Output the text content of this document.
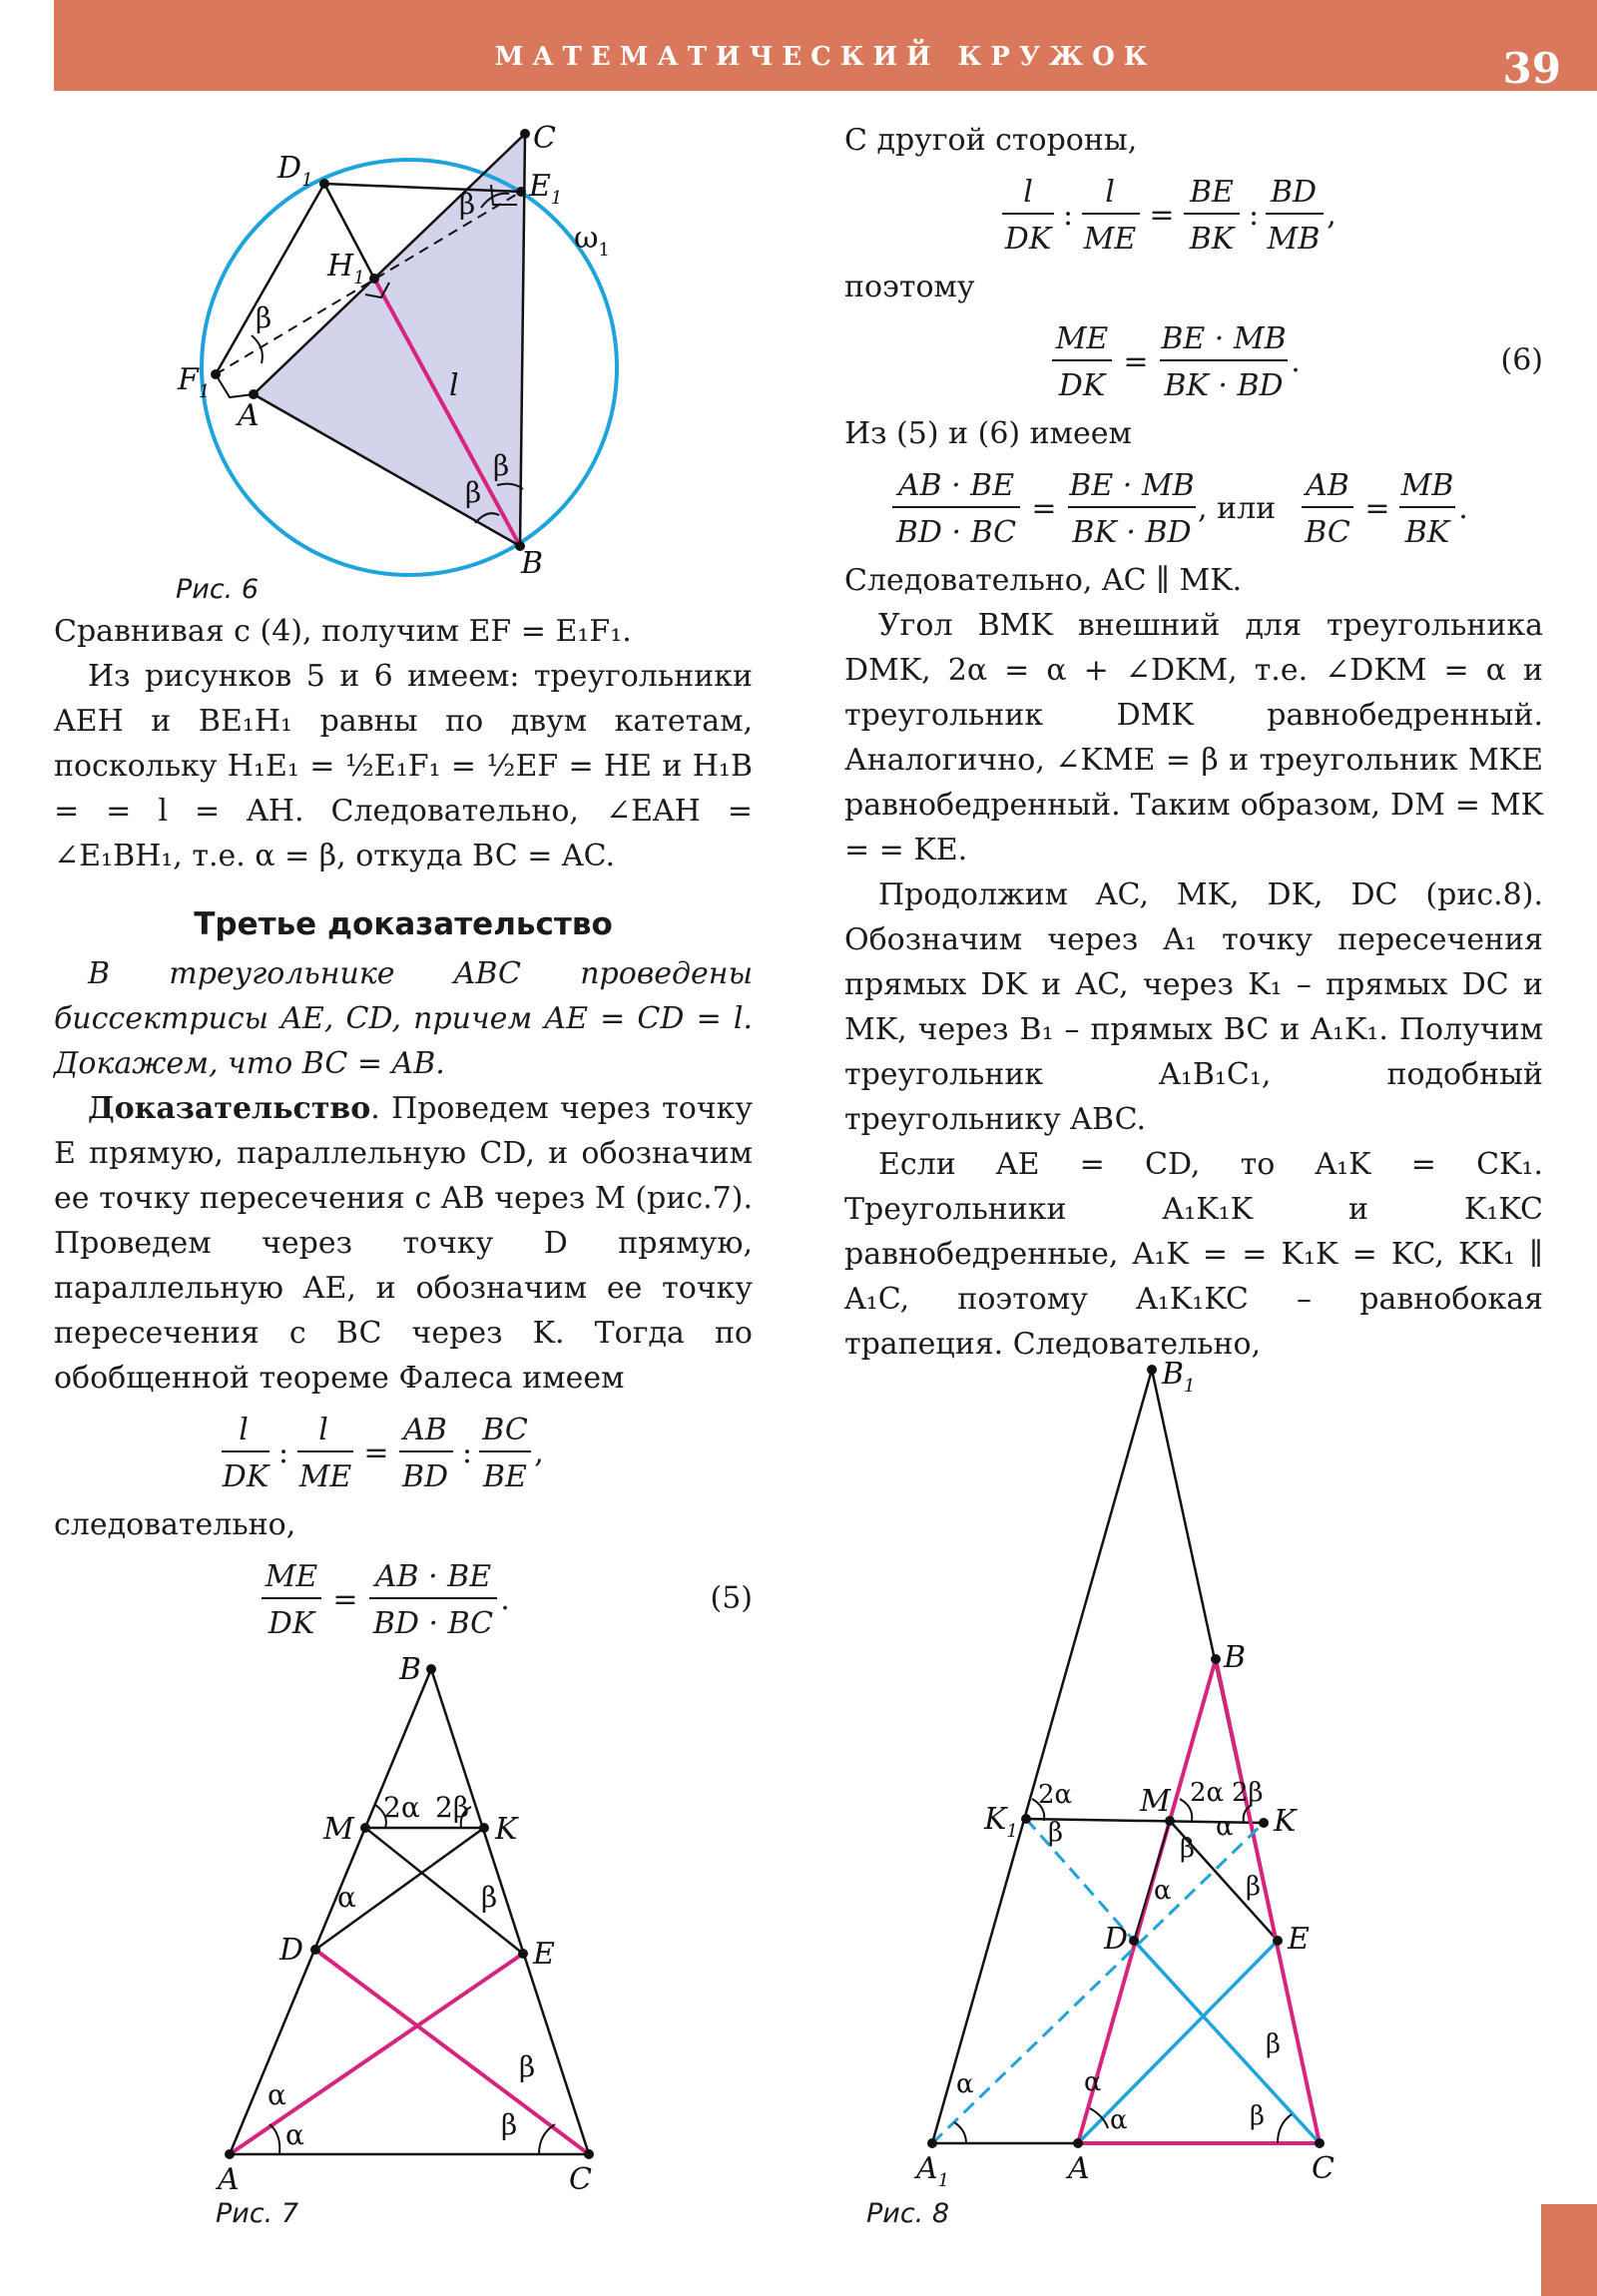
МАТЕМАТИЧЕСКИЙ КРУЖОК	39
C
$D_1$	$E_1$
$H_1$
$F_1$
A
B
l
$\omega_1$
β
β
β
β
Рис. 6

Сравнивая с (4), получим EF = E₁F₁.

Из рисунков 5 и 6 имеем: треугольники AEH и BE₁H₁ равны по двум катетам, поскольку H₁E₁ = ½E₁F₁ = ½EF = HE и H₁B = = l = AH. Следовательно, ∠EAH = ∠E₁BH₁, т.е. α = β, откуда BC = AC.

Третье доказательство

В треугольнике ABC проведены биссектрисы AE, CD, причем AE = CD = l. Докажем, что BC = AB.

Доказательство. Проведем через точку E прямую, параллельную CD, и обозначим ее точку пересечения с AB через M (рис.7). Проведем через точку D прямую, параллельную AE, и обозначим ее точку пересечения с BC через K. Тогда по обобщенной теореме Фалеса имеем

l
DK
:
l
ME
=
AB
BD
:
BC
BE
,

следовательно,

ME
DK
=
AB · BE
BD · BC
.	(5)
B
M	K
D	E
A	C
2α 2β
α	β
α
α
β
β
Рис. 7

С другой стороны,

l
DK
:
l
ME
=
BE
BK
:
BD
MB
,

поэтому

ME
DK
=
BE · MB
BK · BD
.	(6)

Из (5) и (6) имеем

AB · BE
BD · BC
=
BE · MB
BK · BD
, или
AB
BC
=
MB
BK
.

Следовательно, AC ∥ MK.

Угол BMK внешний для треугольника DMK, 2α = α + ∠DKM, т.е. ∠DKM = α и треугольник DMK равнобедренный. Аналогично, ∠KME = β и треугольник MKE равнобедренный. Таким образом, DM = MK = = KE.

Продолжим AC, MK, DK, DC (рис.8). Обозначим через A₁ точку пересечения прямых DK и AC, через K₁ – прямых DC и MK, через B₁ – прямых BC и A₁K₁. Получим треугольник A₁B₁C₁, подобный треугольнику ABC.

Если AE = CD, то A₁K = CK₁. Треугольники A₁K₁K и K₁KC равнобедренные, A₁K = = K₁K = KC, KK₁ ∥ A₁C, поэтому A₁K₁KC – равнобокая трапеция. Следовательно,

$B_1$
B
$K_1$
M
K
D	E
$A_1$	A	C
2α
β
2α 2β
α
β
α	β
α
α
α
β
β
Рис. 8
